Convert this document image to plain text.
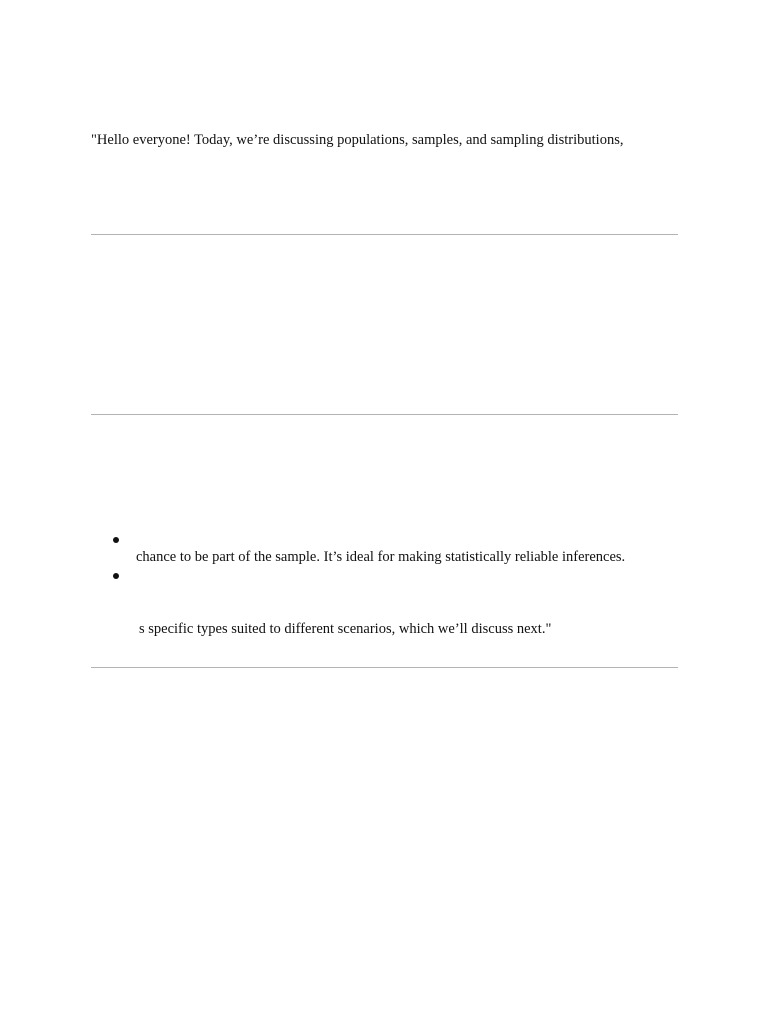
"Hello everyone! Today, we’re discussing populations, samples, and sampling distributions,

chance to be part of the sample. It’s ideal for making statistically reliable inferences.
s specific types suited to different scenarios, which we’ll discuss next."
